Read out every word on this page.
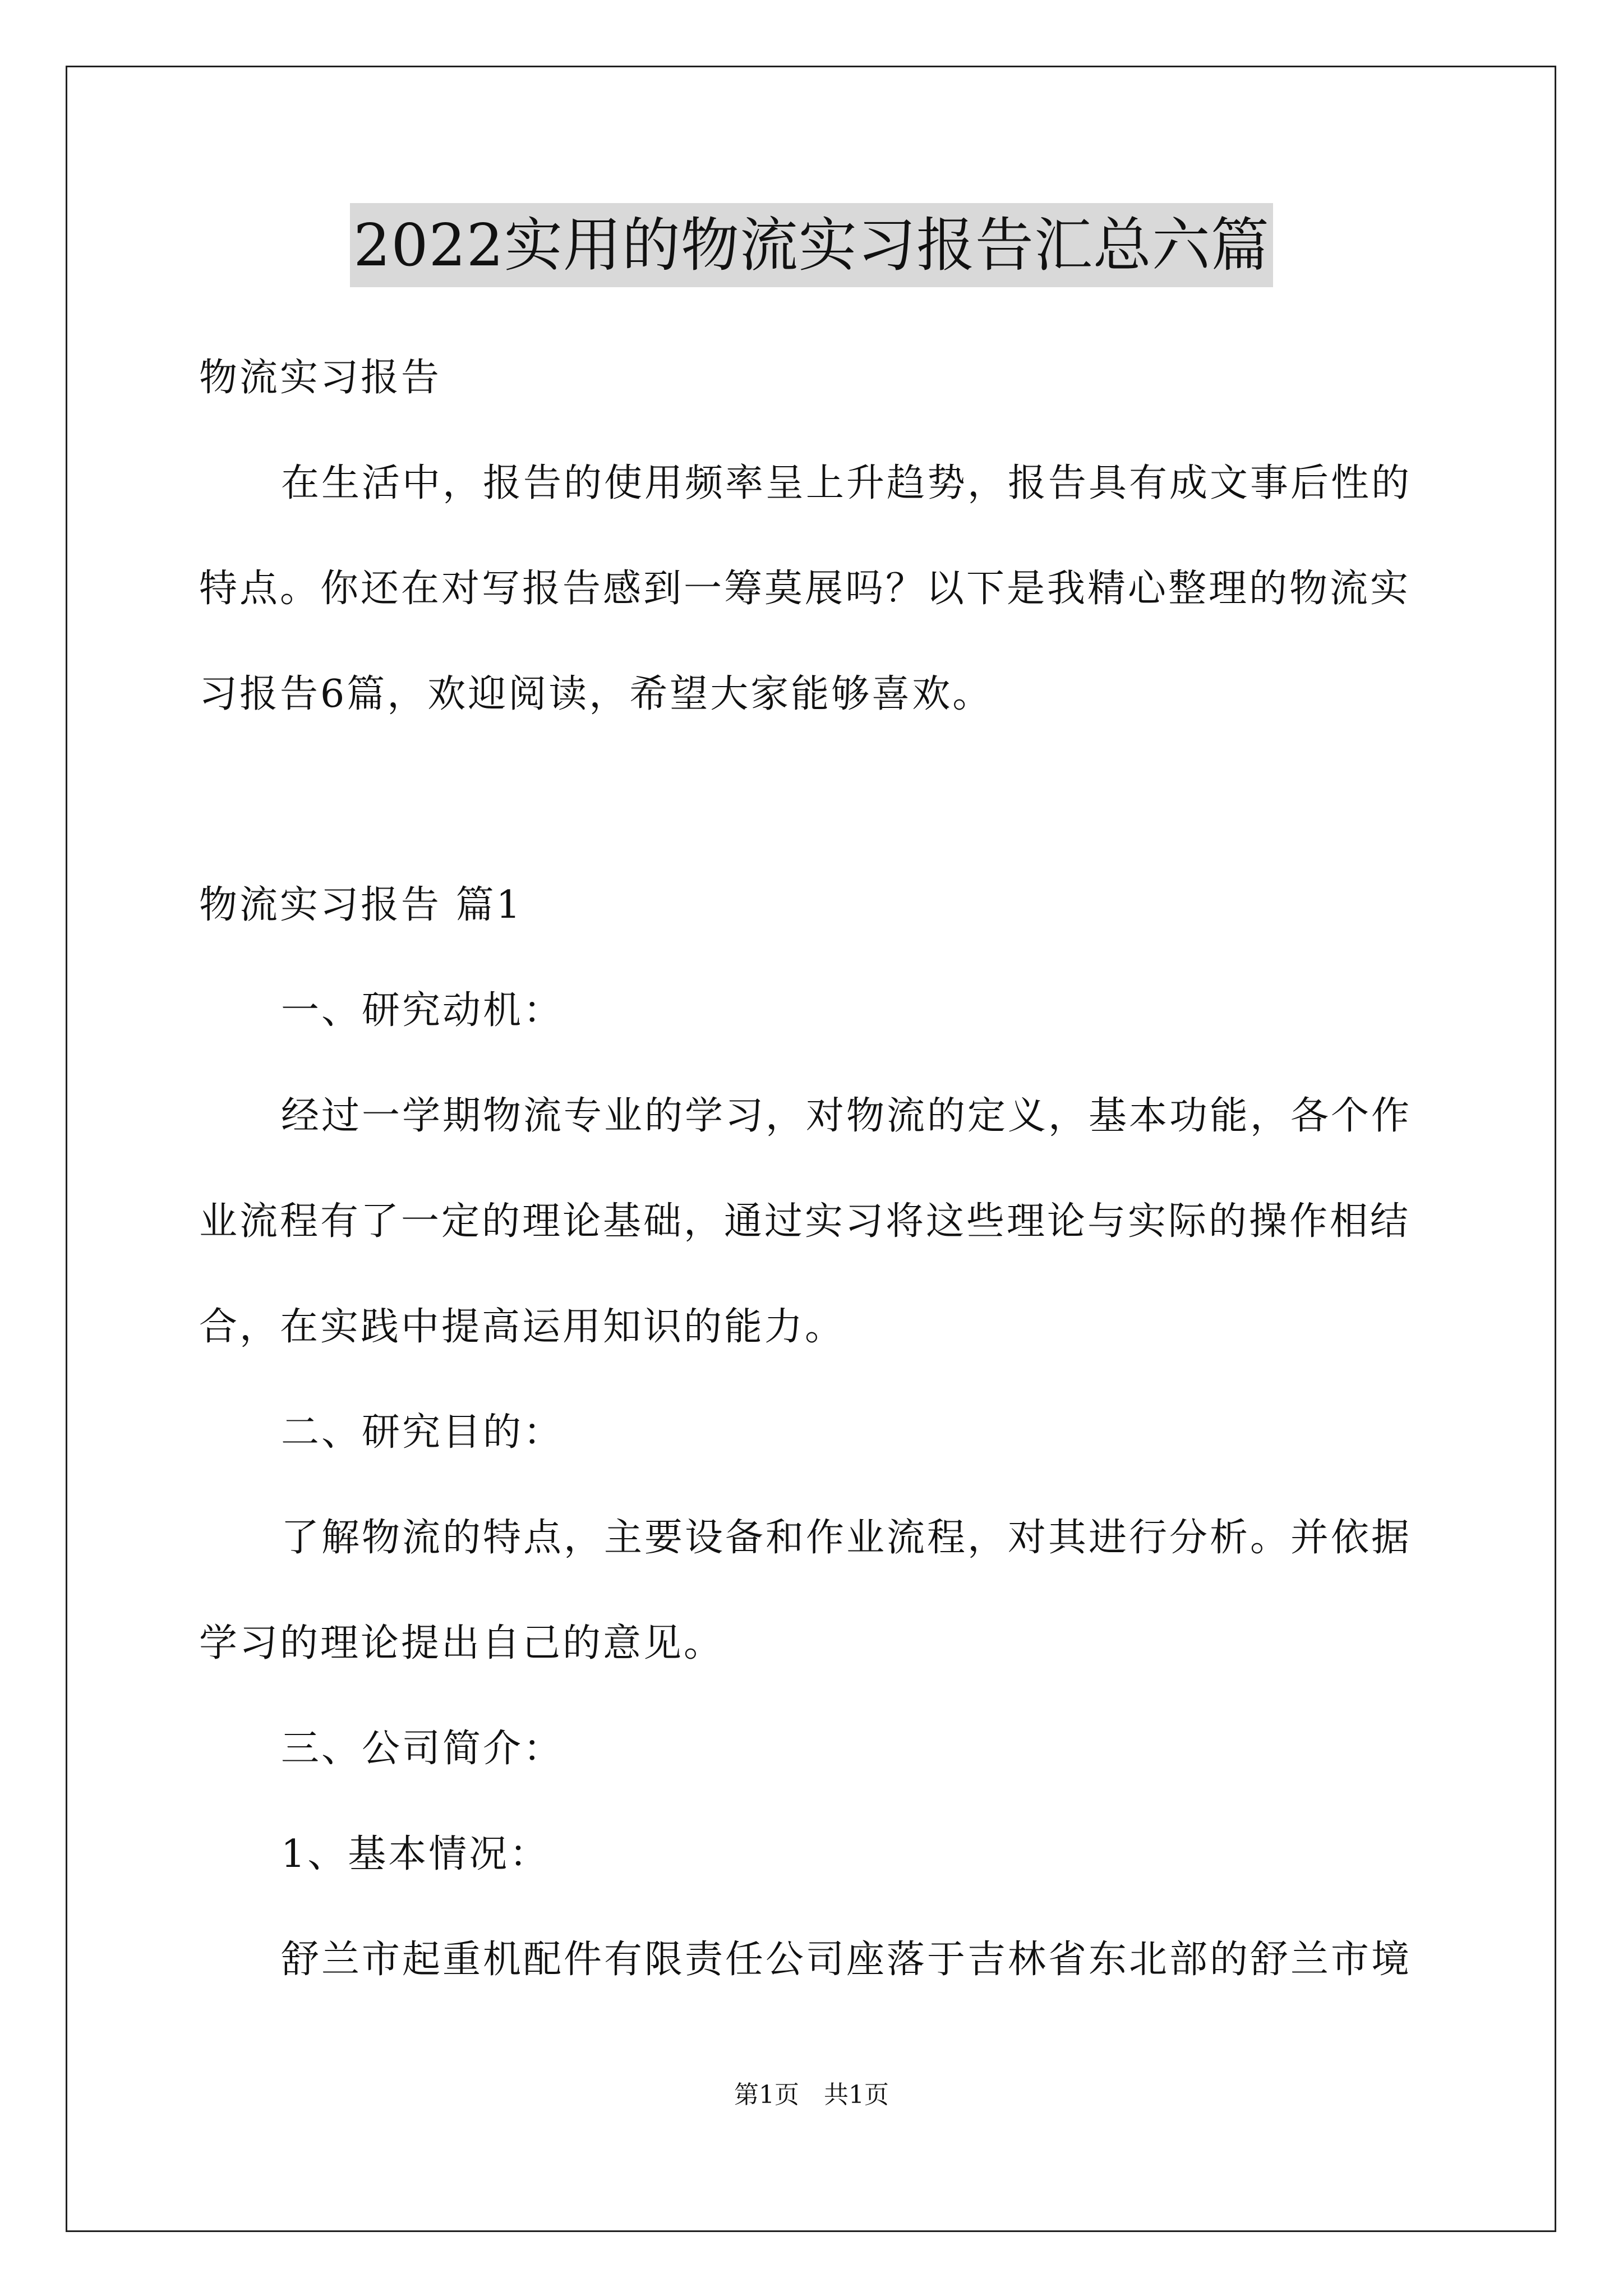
2022实用的物流实习报告汇总六篇
物流实习报告
在生活中，报告的使用频率呈上升趋势，报告具有成文事后性的
特点。你还在对写报告感到一筹莫展吗？以下是我精心整理的物流实
习报告6篇，欢迎阅读，希望大家能够喜欢。
物流实习报告 篇1
一、研究动机：
经过一学期物流专业的学习，对物流的定义，基本功能，各个作
业流程有了一定的理论基础，通过实习将这些理论与实际的操作相结
合，在实践中提高运用知识的能力。
二、研究目的：
了解物流的特点，主要设备和作业流程，对其进行分析。并依据
学习的理论提出自己的意见。
三、公司简介：
1、基本情况：
舒兰市起重机配件有限责任公司座落于吉林省东北部的舒兰市境
第1页 共1页
